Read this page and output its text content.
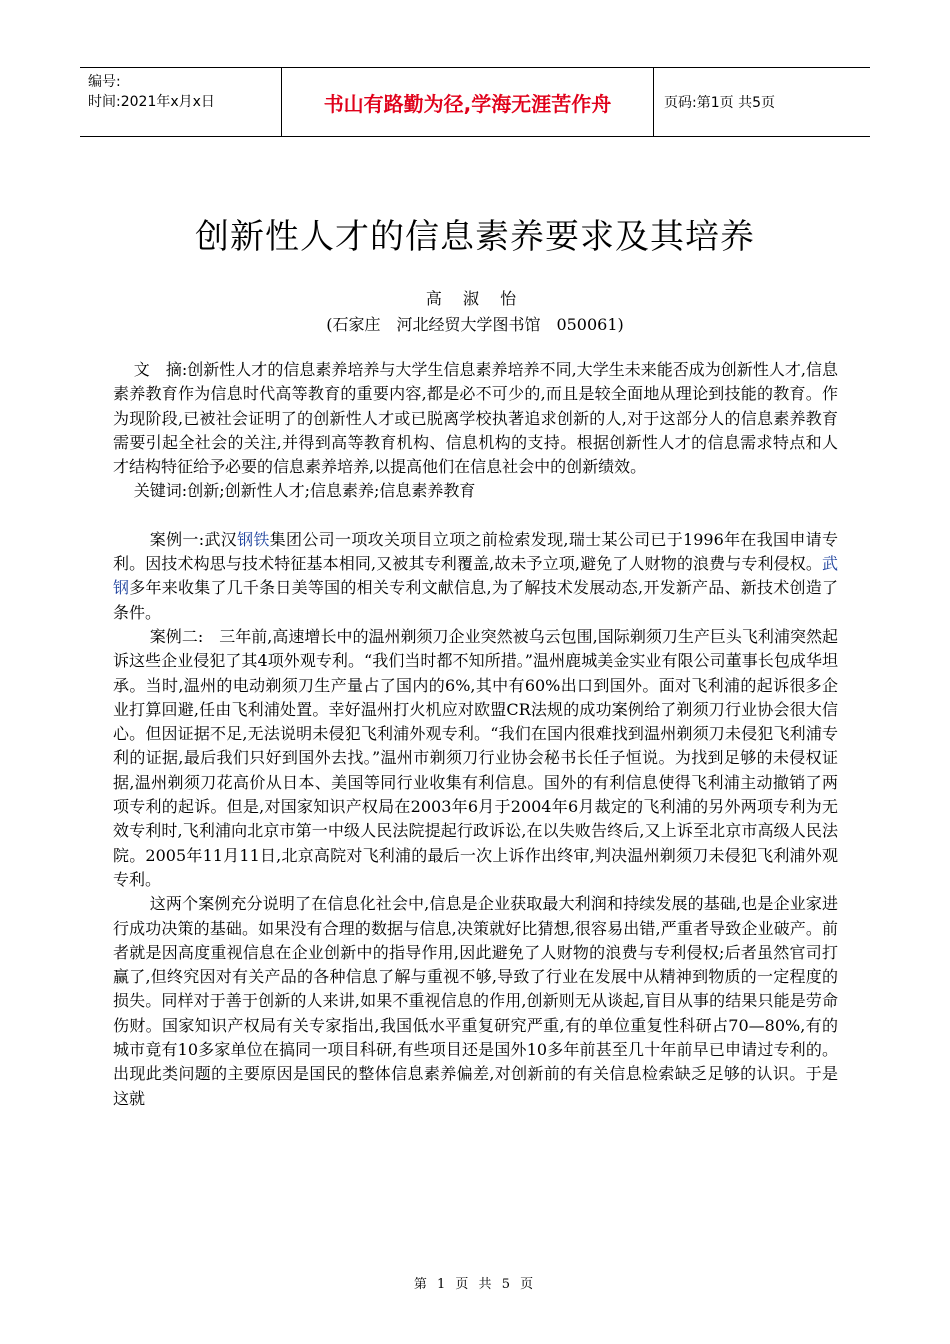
编号:
时间:2021年x月x日	书山有路勤为径,学海无涯苦作舟	页码:第1页 共5页
创新性人才的信息素养要求及其培养
高 淑 怡
(石家庄　河北经贸大学图书馆　050061)

文　摘:创新性人才的信息素养培养与大学生信息素养培养不同,大学生未来能否成为创新性人才,信息素养教育作为信息时代高等教育的重要内容,都是必不可少的,而且是较全面地从理论到技能的教育。作为现阶段,已被社会证明了的创新性人才或已脱离学校执著追求创新的人,对于这部分人的信息素养教育需要引起全社会的关注,并得到高等教育机构、信息机构的支持。根据创新性人才的信息需求特点和人才结构特征给予必要的信息素养培养,以提高他们在信息社会中的创新绩效。

关键词:创新;创新性人才;信息素养;信息素养教育

案例一:武汉钢铁集团公司一项攻关项目立项之前检索发现,瑞士某公司已于1996年在我国申请专利。因技术构思与技术特征基本相同,又被其专利覆盖,故未予立项,避免了人财物的浪费与专利侵权。武钢多年来收集了几千条日美等国的相关专利文献信息,为了解技术发展动态,开发新产品、新技术创造了条件。

案例二:　三年前,高速增长中的温州剃须刀企业突然被乌云包围,国际剃须刀生产巨头飞利浦突然起诉这些企业侵犯了其4项外观专利。“我们当时都不知所措。”温州鹿城美金实业有限公司董事长包成华坦承。当时,温州的电动剃须刀生产量占了国内的6%,其中有60%出口到国外。面对飞利浦的起诉很多企业打算回避,任由飞利浦处置。幸好温州打火机应对欧盟CR法规的成功案例给了剃须刀行业协会很大信心。但因证据不足,无法说明未侵犯飞利浦外观专利。“我们在国内很难找到温州剃须刀未侵犯飞利浦专利的证据,最后我们只好到国外去找。”温州市剃须刀行业协会秘书长任子恒说。为找到足够的未侵权证据,温州剃须刀花高价从日本、美国等同行业收集有利信息。国外的有利信息使得飞利浦主动撤销了两项专利的起诉。但是,对国家知识产权局在2003年6月于2004年6月裁定的飞利浦的另外两项专利为无效专利时,飞利浦向北京市第一中级人民法院提起行政诉讼,在以失败告终后,又上诉至北京市高级人民法院。2005年11月11日,北京高院对飞利浦的最后一次上诉作出终审,判决温州剃须刀未侵犯飞利浦外观专利。

这两个案例充分说明了在信息化社会中,信息是企业获取最大利润和持续发展的基础,也是企业家进行成功决策的基础。如果没有合理的数据与信息,决策就好比猜想,很容易出错,严重者导致企业破产。前者就是因高度重视信息在企业创新中的指导作用,因此避免了人财物的浪费与专利侵权;后者虽然官司打赢了,但终究因对有关产品的各种信息了解与重视不够,导致了行业在发展中从精神到物质的一定程度的损失。同样对于善于创新的人来讲,如果不重视信息的作用,创新则无从谈起,盲目从事的结果只能是劳命伤财。国家知识产权局有关专家指出,我国低水平重复研究严重,有的单位重复性科研占70—80%,有的城市竟有10多家单位在搞同一项目科研,有些项目还是国外10多年前甚至几十年前早已申请过专利的。出现此类问题的主要原因是国民的整体信息素养偏差,对创新前的有关信息检索缺乏足够的认识。于是这就

第 1 页 共 5 页
